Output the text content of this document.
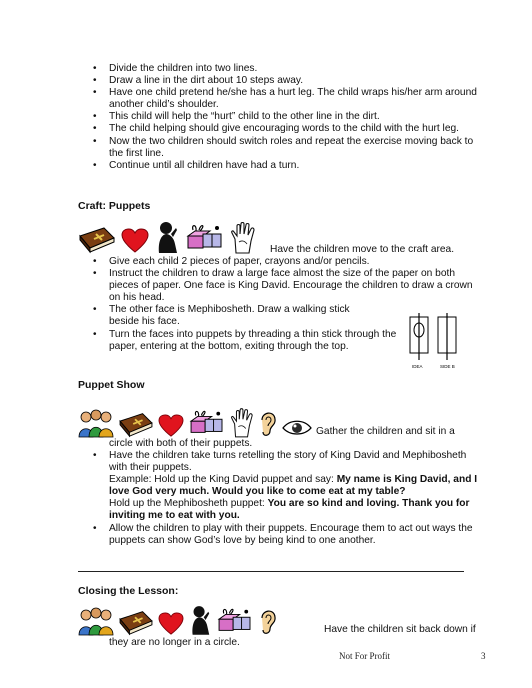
• Divide the children into two lines.
• Draw a line in the dirt about 10 steps away.
• Have one child pretend he/she has a hurt leg. The child wraps his/her arm around another child’s shoulder.
• This child will help the “hurt” child to the other line in the dirt.
• The child helping should give encouraging words to the child with the hurt leg.
• Now the two children should switch roles and repeat the exercise moving back to the first line.
• Continue until all children have had a turn.
Craft: Puppets
Have the children move to the craft area.
• Give each child 2 pieces of paper, crayons and/or pencils.
• Instruct the children to draw a large face almost the size of the paper on both pieces of paper. One face is King David. Encourage the children to draw a crown on his head.
• The other face is Mephibosheth. Draw a walking stick beside his face.
• Turn the faces into puppets by threading a thin stick through the paper, entering at the bottom, exiting through the top.
IDEA	SIDE B
Puppet Show
Gather the children and sit in a
circle with both of their puppets.
• Have the children take turns retelling the story of King David and Mephibosheth with their puppets.
Example: Hold up the King David puppet and say: My name is King David, and I love God very much. Would you like to come eat at my table?
Hold up the Mephibosheth puppet: You are so kind and loving. Thank you for inviting me to eat with you.
• Allow the children to play with their puppets. Encourage them to act out ways the puppets can show God’s love by being kind to one another.
Closing the Lesson:
Have the children sit back down if
they are no longer in a circle.
Not For Profit	3
